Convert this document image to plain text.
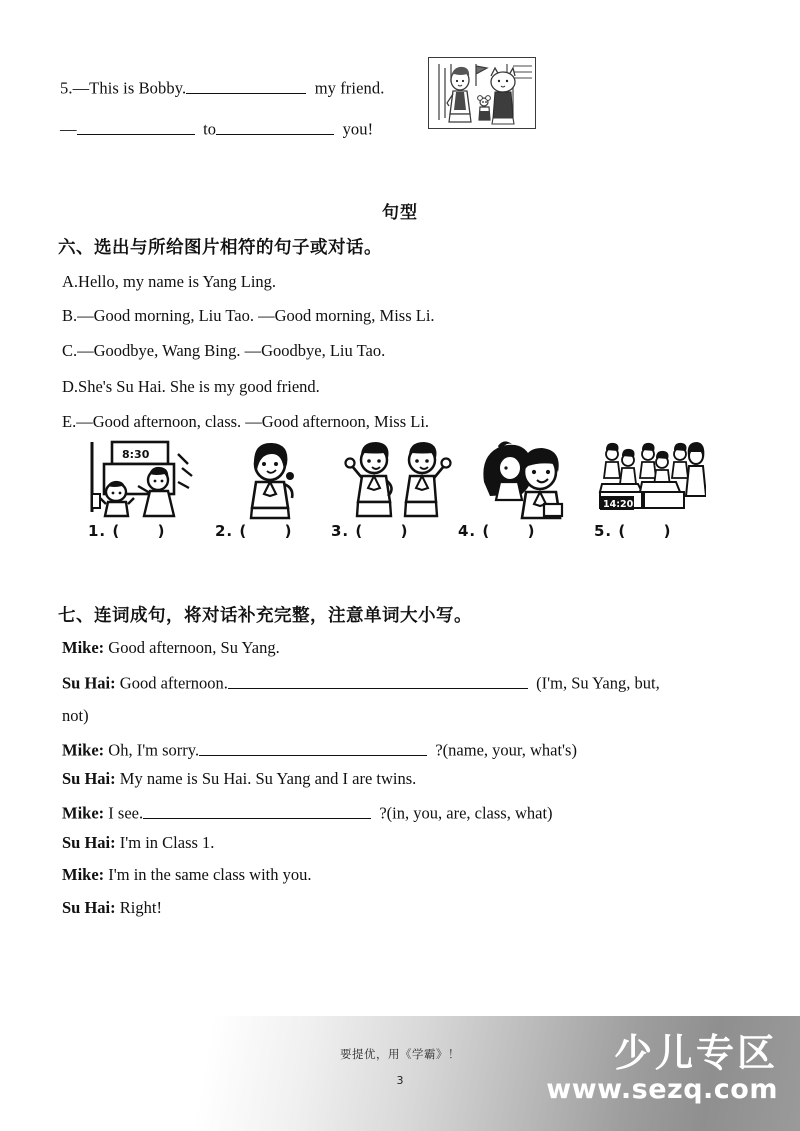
5.—This is Bobby.	my friend.
—	to	you!
句型
六、选出与所给图片相符的句子或对话。
A.Hello, my name is Yang Ling.
B.—Good morning, Liu Tao. —Good morning, Miss Li.
C.—Goodbye, Wang Bing. —Goodbye, Liu Tao.
D.She's Su Hai. She is my good friend.
E.—Good afternoon, class. —Good afternoon, Miss Li.
8:30
14:20
1. ( )	2. ( )	3. ( )	4. ( )	5. ( )
七、连词成句，将对话补充完整，注意单词大小写。
Mike: Good afternoon, Su Yang.
Su Hai: Good afternoon.	(I'm, Su Yang, but,
not)
Mike: Oh, I'm sorry.	?(name, your, what's)
Su Hai: My name is Su Hai. Su Yang and I are twins.
Mike: I see.	?(in, you, are, class, what)
Su Hai: I'm in Class 1.
Mike: I'm in the same class with you.
Su Hai: Right!
要提优，用《学霸》！
3
少儿专区
www.sezq.com
